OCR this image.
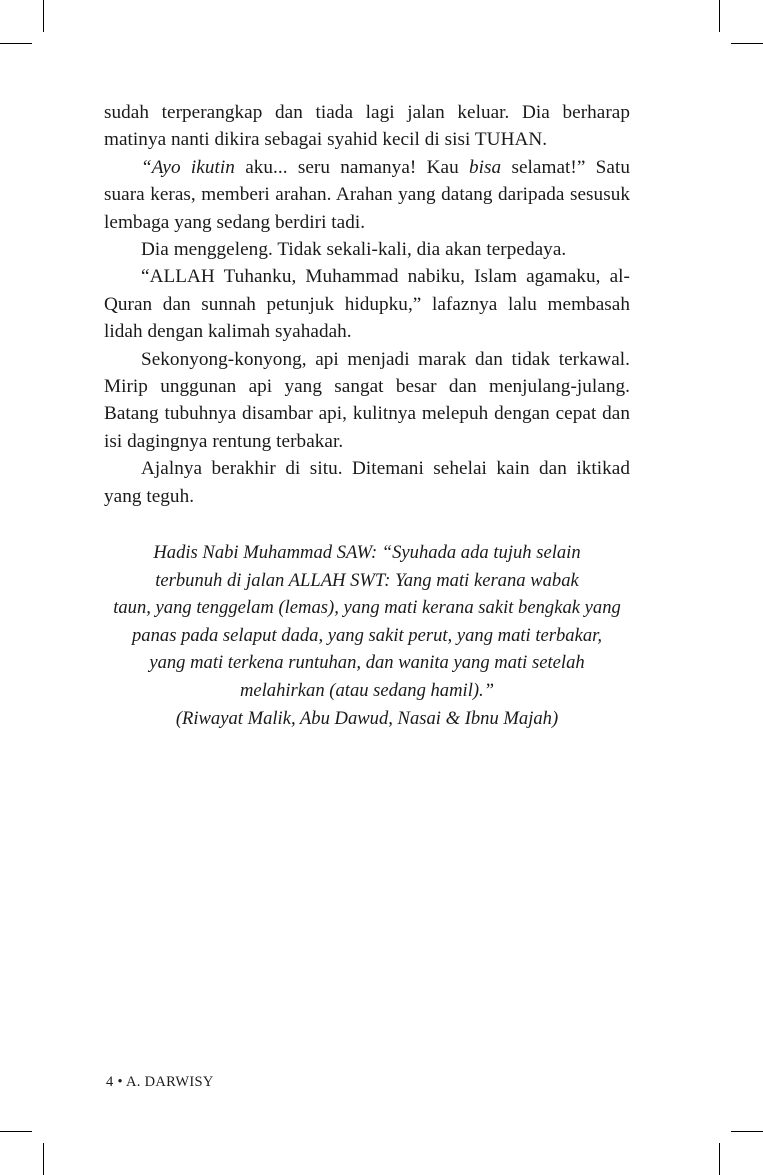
sudah terperangkap dan tiada lagi jalan keluar. Dia berharap matinya nanti dikira sebagai syahid kecil di sisi TUHAN.

“Ayo ikutin aku... seru namanya! Kau bisa selamat!” Satu suara keras, memberi arahan. Arahan yang datang daripada sesusuk lembaga yang sedang berdiri tadi.

Dia menggeleng. Tidak sekali-kali, dia akan terpedaya.

“ALLAH Tuhanku, Muhammad nabiku, Islam agamaku, al-Quran dan sunnah petunjuk hidupku,” lafaznya lalu membasah lidah dengan kalimah syahadah.

Sekonyong-konyong, api menjadi marak dan tidak terkawal. Mirip unggunan api yang sangat besar dan menjulang-julang. Batang tubuhnya disambar api, kulitnya melepuh dengan cepat dan isi dagingnya rentung terbakar.

Ajalnya berakhir di situ. Ditemani sehelai kain dan iktikad yang teguh.

Hadis Nabi Muhammad SAW: “Syuhada ada tujuh selain
terbunuh di jalan ALLAH SWT: Yang mati kerana wabak
taun, yang tenggelam (lemas), yang mati kerana sakit bengkak yang
panas pada selaput dada, yang sakit perut, yang mati terbakar,
yang mati terkena runtuhan, dan wanita yang mati setelah
melahirkan (atau sedang hamil).”
(Riwayat Malik, Abu Dawud, Nasai & Ibnu Majah)
4 • A. DARWISY
